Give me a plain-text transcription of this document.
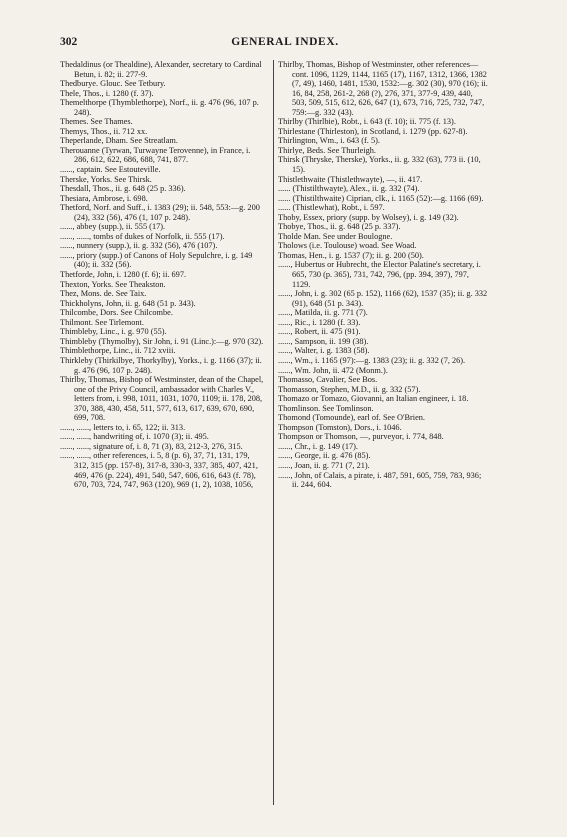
302	GENERAL INDEX.

Thedaldinus (or Thealdine), Alexander, secretary to Cardinal Betun, i. 82; ii. 277-9.

Thedburye. Glouc. See Tetbury.

Thele, Thos., i. 1280 (f. 37).

Themelthorpe (Thymblethorpe), Norf., ii. g. 476 (96, 107 p. 248).

Themes. See Thames.

Themys, Thos., ii. 712 xx.

Theperlande, Dham. See Streatlam.

Therouanne (Tyrwan, Turwayne Terovenne), in France, i. 286, 612, 622, 686, 688, 741, 877.

......, captain. See Estouteville.

Therske, Yorks. See Thirsk.

Thesdall, Thos., ii. g. 648 (25 p. 336).

Thesiara, Ambrose, i. 698.

Thetford, Norf. and Suff., i. 1383 (29); ii. 548, 553:—g. 200 (24), 332 (56), 476 (1, 107 p. 248).

......, abbey (supp.), ii. 555 (17).

......, ......, tombs of dukes of Norfolk, ii. 555 (17).

......, nunnery (supp.), ii. g. 332 (56), 476 (107).

......, priory (supp.) of Canons of Holy Sepulchre, i. g. 149 (40); ii. 332 (56).

Thetforde, John, i. 1280 (f. 6); ii. 697.

Thexton, Yorks. See Theakston.

Thez, Mons. de. See Taix.

Thickholyns, John, ii. g. 648 (51 p. 343).

Thilcombe, Dors. See Chilcombe.

Thilmont. See Tirlemont.

Thimbleby, Linc., i. g. 970 (55).

Thimbleby (Thymolby), Sir John, i. 91 (Linc.):—g. 970 (32).

Thimblethorpe, Linc., ii. 712 xviii.

Thirkleby (Thirkilbye, Thorkylby), Yorks., i. g. 1166 (37); ii. g. 476 (96, 107 p. 248).

Thirlby, Thomas, Bishop of Westminster, dean of the Chapel, one of the Privy Council, ambassador with Charles V., letters from, i. 998, 1011, 1031, 1070, 1109; ii. 178, 208, 370, 388, 430, 458, 511, 577, 613, 617, 639, 670, 690, 699, 708.

......, ......, letters to, i. 65, 122; ii. 313.

......, ......, handwriting of, i. 1070 (3); ii. 495.

......, ......, signature of, i. 8, 71 (3), 83, 212-3, 276, 315.

......, ......, other references, i. 5, 8 (p. 6), 37, 71, 131, 179, 312, 315 (pp. 157-8), 317-8, 330-3, 337, 385, 407, 421, 469, 476 (p. 224), 491, 540, 547, 606, 616, 643 (f. 78), 670, 703, 724, 747, 963 (120), 969 (1, 2), 1038, 1056,

Thirlby, Thomas, Bishop of Westminster, other references—cont. 1096, 1129, 1144, 1165 (17), 1167, 1312, 1366, 1382 (7, 49), 1460, 1481, 1530, 1532:—g. 302 (30), 970 (16); ii. 16, 84, 258, 261-2, 268 (?), 276, 371, 377-9, 439, 440, 503, 509, 515, 612, 626, 647 (1), 673, 716, 725, 732, 747, 759:—g. 332 (43).

Thirlby (Thirlbie), Robt., i. 643 (f. 10); ii. 775 (f. 13).

Thirlestane (Thirleston), in Scotland, i. 1279 (pp. 627-8).

Thirlington, Wm., i. 643 (f. 5).

Thirlye, Beds. See Thurleigh.

Thirsk (Thryske, Therske), Yorks., ii. g. 332 (63), 773 ii. (10, 15).

Thistlethwaite (Thistlethwayte), —, ii. 417.

...... (Thistilthwayte), Alex., ii. g. 332 (74).

...... (Thistilthwaite) Ciprian, clk., i. 1165 (52):—g. 1166 (69).

...... (Thistlewhat), Robt., i. 597.

Thoby, Essex, priory (supp. by Wolsey), i. g. 149 (32).

Thobye, Thos., ii. g. 648 (25 p. 337).

Tholde Man. See under Boulogne.

Tholows (i.e. Toulouse) woad. See Woad.

Thomas, Hen., i. g. 1537 (7); ii. g. 200 (50).

......, Hubertus or Hubrecht, the Elector Palatine's secretary, i. 665, 730 (p. 365), 731, 742, 796, (pp. 394, 397), 797, 1129.

......, John, i. g. 302 (65 p. 152), 1166 (62), 1537 (35); ii. g. 332 (91), 648 (51 p. 343).

......, Matilda, ii. g. 771 (7).

......, Ric., i. 1280 (f. 33).

......, Robert, ii. 475 (91).

......, Sampson, ii. 199 (38).

......, Walter, i. g. 1383 (58).

......, Wm., i. 1165 (97):—g. 1383 (23); ii. g. 332 (7, 26).

......, Wm. John, ii. 472 (Monm.).

Thomasso, Cavalier, See Bos.

Thomasson, Stephen, M.D., ii. g. 332 (57).

Thomazo or Tomazo, Giovanni, an Italian engineer, i. 18.

Thomlinson. See Tomlinson.

Thomond (Tomounde), earl of. See O'Brien.

Thompson (Tomston), Dors., i. 1046.

Thompson or Thomson, —, purveyor, i. 774, 848.

......, Chr., i. g. 149 (17).

......, George, ii. g. 476 (85).

......, Joan, ii. g. 771 (7, 21).

......, John, of Calais, a pirate, i. 487, 591, 605, 759, 783, 936; ii. 244, 604.
